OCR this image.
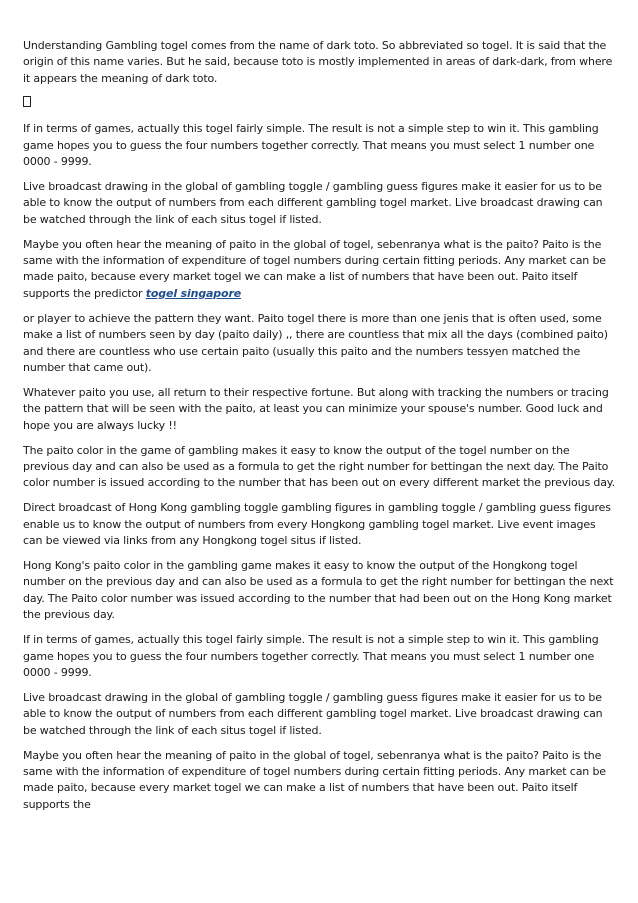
Understanding Gambling togel comes from the name of dark toto. So abbreviated so togel. It is said that the origin of this name varies. But he said, because toto is mostly implemented in areas of dark-dark, from where it appears the meaning of dark toto.

If in terms of games, actually this togel fairly simple. The result is not a simple step to win it. This gambling game hopes you to guess the four numbers together correctly. That means you must select 1 number one 0000 - 9999.

Live broadcast drawing in the global of gambling toggle / gambling guess figures make it easier for us to be able to know the output of numbers from each different gambling togel market. Live broadcast drawing can be watched through the link of each situs togel if listed.

Maybe you often hear the meaning of paito in the global of togel, sebenranya what is the paito? Paito is the same with the information of expenditure of togel numbers during certain fitting periods. Any market can be made paito, because every market togel we can make a list of numbers that have been out. Paito itself supports the predictor togel singapore

or player to achieve the pattern they want. Paito togel there is more than one jenis that is often used, some make a list of numbers seen by day (paito daily) ,, there are countless that mix all the days (combined paito) and there are countless who use certain paito (usually this paito and the numbers tessyen matched the number that came out).

Whatever paito you use, all return to their respective fortune. But along with tracking the numbers or tracing the pattern that will be seen with the paito, at least you can minimize your spouse's number. Good luck and hope you are always lucky !!

The paito color in the game of gambling makes it easy to know the output of the togel number on the previous day and can also be used as a formula to get the right number for bettingan the next day. The Paito color number is issued according to the number that has been out on every different market the previous day.

Direct broadcast of Hong Kong gambling toggle gambling figures in gambling toggle / gambling guess figures enable us to know the output of numbers from every Hongkong gambling togel market. Live event images can be viewed via links from any Hongkong togel situs if listed.

Hong Kong's paito color in the gambling game makes it easy to know the output of the Hongkong togel number on the previous day and can also be used as a formula to get the right number for bettingan the next day. The Paito color number was issued according to the number that had been out on the Hong Kong market the previous day.

If in terms of games, actually this togel fairly simple. The result is not a simple step to win it. This gambling game hopes you to guess the four numbers together correctly. That means you must select 1 number one 0000 - 9999.

Live broadcast drawing in the global of gambling toggle / gambling guess figures make it easier for us to be able to know the output of numbers from each different gambling togel market. Live broadcast drawing can be watched through the link of each situs togel if listed.

Maybe you often hear the meaning of paito in the global of togel, sebenranya what is the paito? Paito is the same with the information of expenditure of togel numbers during certain fitting periods. Any market can be made paito, because every market togel we can make a list of numbers that have been out. Paito itself supports the
